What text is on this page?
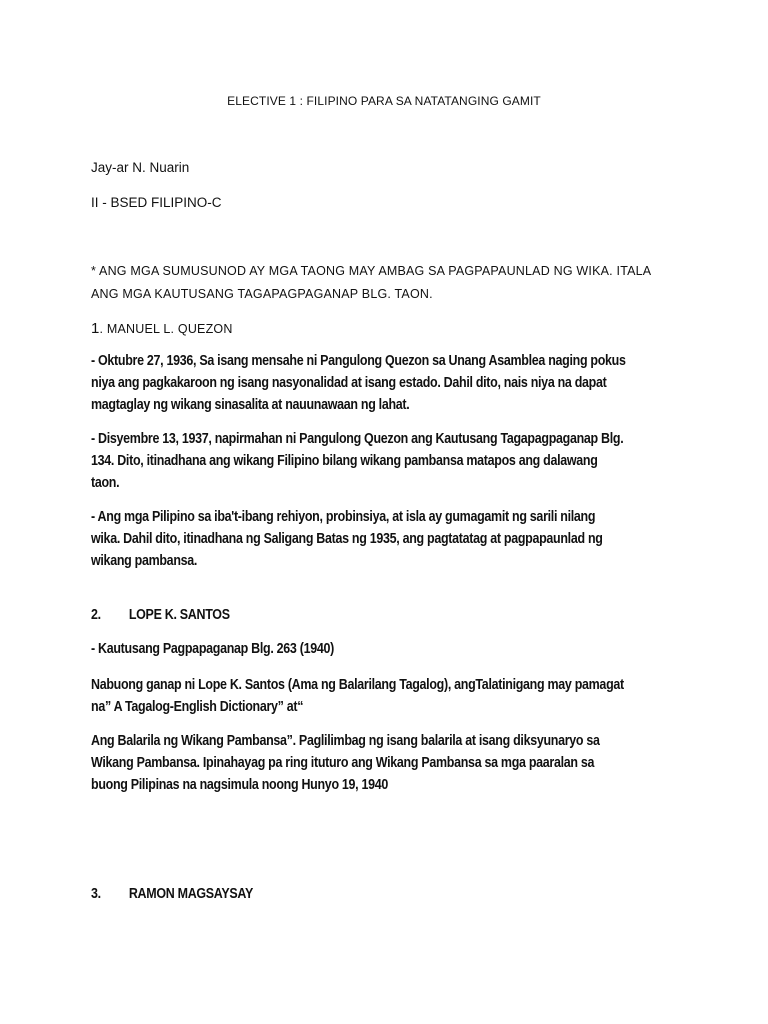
ELECTIVE 1 : FILIPINO PARA SA NATATANGING GAMIT
Jay-ar N. Nuarin
II - BSED FILIPINO-C
* ANG MGA SUMUSUNOD AY MGA TAONG MAY AMBAG SA PAGPAPAUNLAD NG WIKA. ITALA
ANG MGA KAUTUSANG TAGAPAGPAGANAP BLG. TAON.
1. MANUEL L. QUEZON
- Oktubre 27, 1936, Sa isang mensahe ni Pangulong Quezon sa Unang Asamblea naging pokus
niya ang pagkakaroon ng isang nasyonalidad at isang estado. Dahil dito, nais niya na dapat
magtaglay ng wikang sinasalita at nauunawaan ng lahat.
- Disyembre 13, 1937, napirmahan ni Pangulong Quezon ang Kautusang Tagapagpaganap Blg.
134. Dito, itinadhana ang wikang Filipino bilang wikang pambansa matapos ang dalawang
taon.
- Ang mga Pilipino sa iba't-ibang rehiyon, probinsiya, at isla ay gumagamit ng sarili nilang
wika. Dahil dito, itinadhana ng Saligang Batas ng 1935, ang pagtatatag at pagpapaunlad ng
wikang pambansa.
2. LOPE K. SANTOS
- Kautusang Pagpapaganap Blg. 263 (1940)
Nabuong ganap ni Lope K. Santos (Ama ng Balarilang Tagalog), angTalatinigang may pamagat
na” A Tagalog-English Dictionary” at“
Ang Balarila ng Wikang Pambansa”. Paglilimbag ng isang balarila at isang diksyunaryo sa
Wikang Pambansa. Ipinahayag pa ring ituturo ang Wikang Pambansa sa mga paaralan sa
buong Pilipinas na nagsimula noong Hunyo 19, 1940
3. RAMON MAGSAYSAY
